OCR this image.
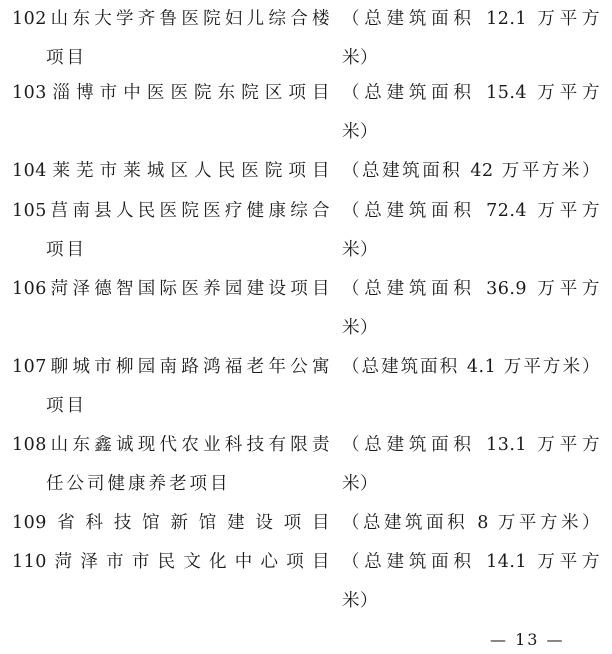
102山东大学齐鲁医院妇儿综合楼 （总建筑面积 12.1 万平方
项目	米）
103淄博市中医医院东院区项目 （总建筑面积 15.4 万平方
米）
104莱芜市莱城区人民医院项目 （总建筑面积 42 万平方米）
105莒南县人民医院医疗健康综合 （总建筑面积 72.4 万平方
项目	米）
106菏泽德智国际医养园建设项目 （总建筑面积 36.9 万平方
米）
107聊城市柳园南路鸿福老年公寓 （总建筑面积 4.1 万平方米）
项目
108山东鑫诚现代农业科技有限责 （总建筑面积 13.1 万平方
任公司健康养老项目	米）
109省科技馆新馆建设项目 （总建筑面积 8 万平方米）
110菏泽市市民文化中心项目 （总建筑面积 14.1 万平方
米）
— 13 —
